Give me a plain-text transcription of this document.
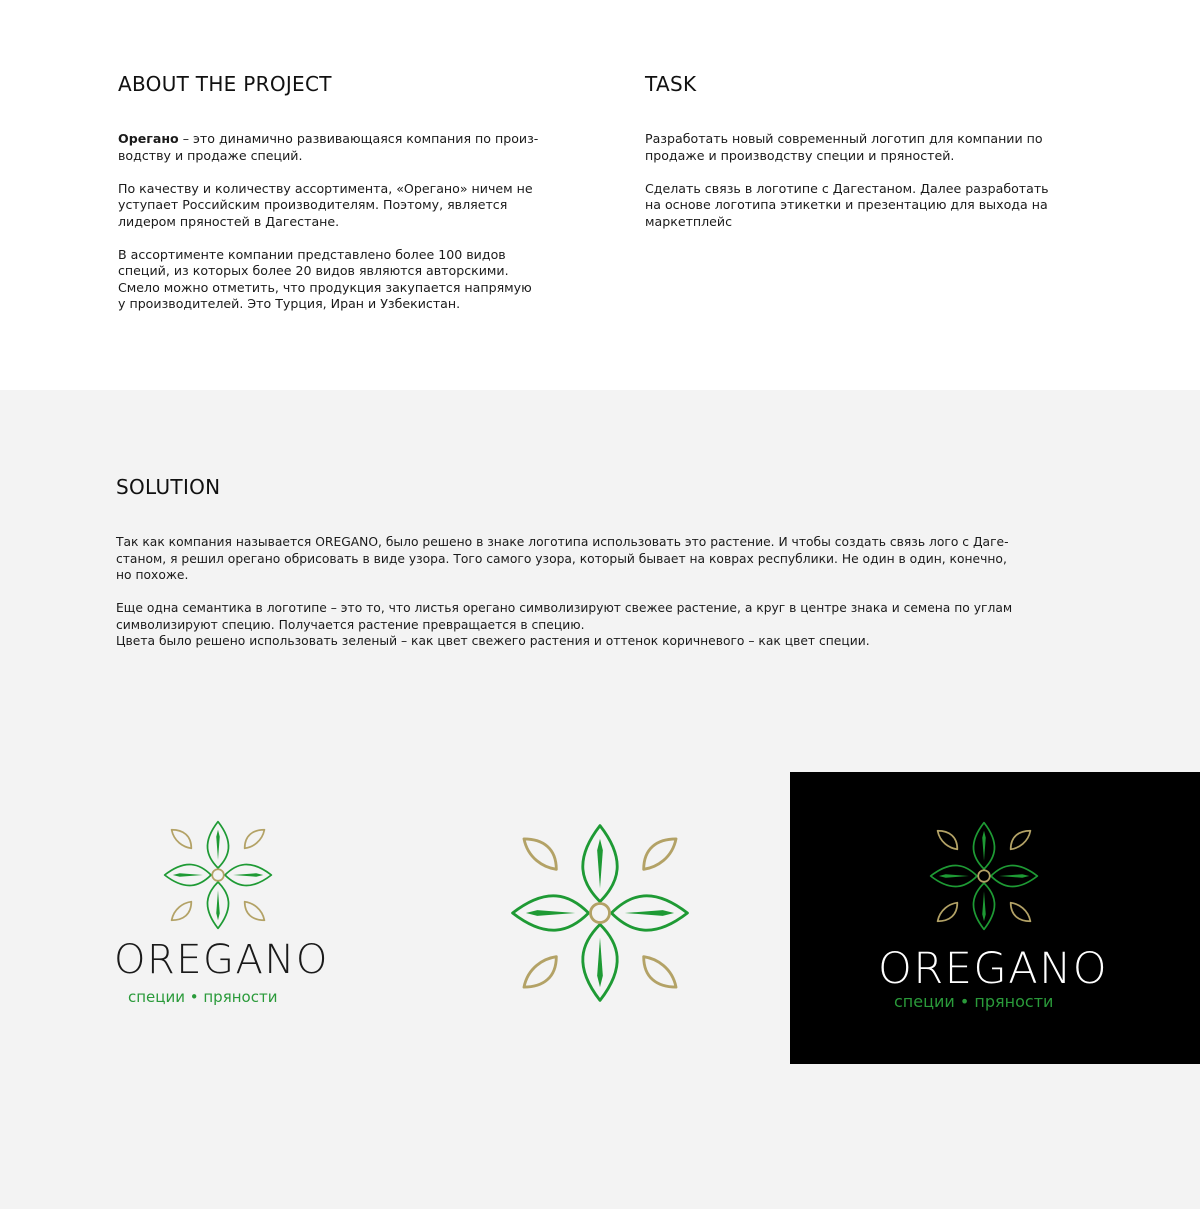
ABOUT THE PROJECT

Орегано – это динамично развивающаяся компания по произ-
водству и продаже специй.

По качеству и количеству ассортимента, «Орегано» ничем не
уступает Российским производителям. Поэтому, является
лидером пряностей в Дагестане.

В ассортименте компании представлено более 100 видов
специй, из которых более 20 видов являются авторскими.
Смело можно отметить, что продукция закупается напрямую
у производителей. Это Турция, Иран и Узбекистан.

TASK

Разработать новый современный логотип для компании по
продаже и производству специи и пряностей.

Сделать связь в логотипе с Дагестаном. Далее разработать
на основе логотипа этикетки и презентацию для выхода на
маркетплейс

SOLUTION

Так как компания называется OREGANO, было решено в знаке логотипа использовать это растение. И чтобы создать связь лого с Даге-
станом, я решил орегано обрисовать в виде узора. Того самого узора, который бывает на коврах республики. Не один в один, конечно,
но похоже.

Еще одна семантика в логотипе – это то, что листья орегано символизируют свежее растение, а круг в центре знака и семена по углам
символизируют специю. Получается растение превращается в специю.
Цвета было решено использовать зеленый – как цвет свежего растения и оттенок коричневого – как цвет специи.

OREGANO
специи • пряности
OREGANO
специи • пряности
